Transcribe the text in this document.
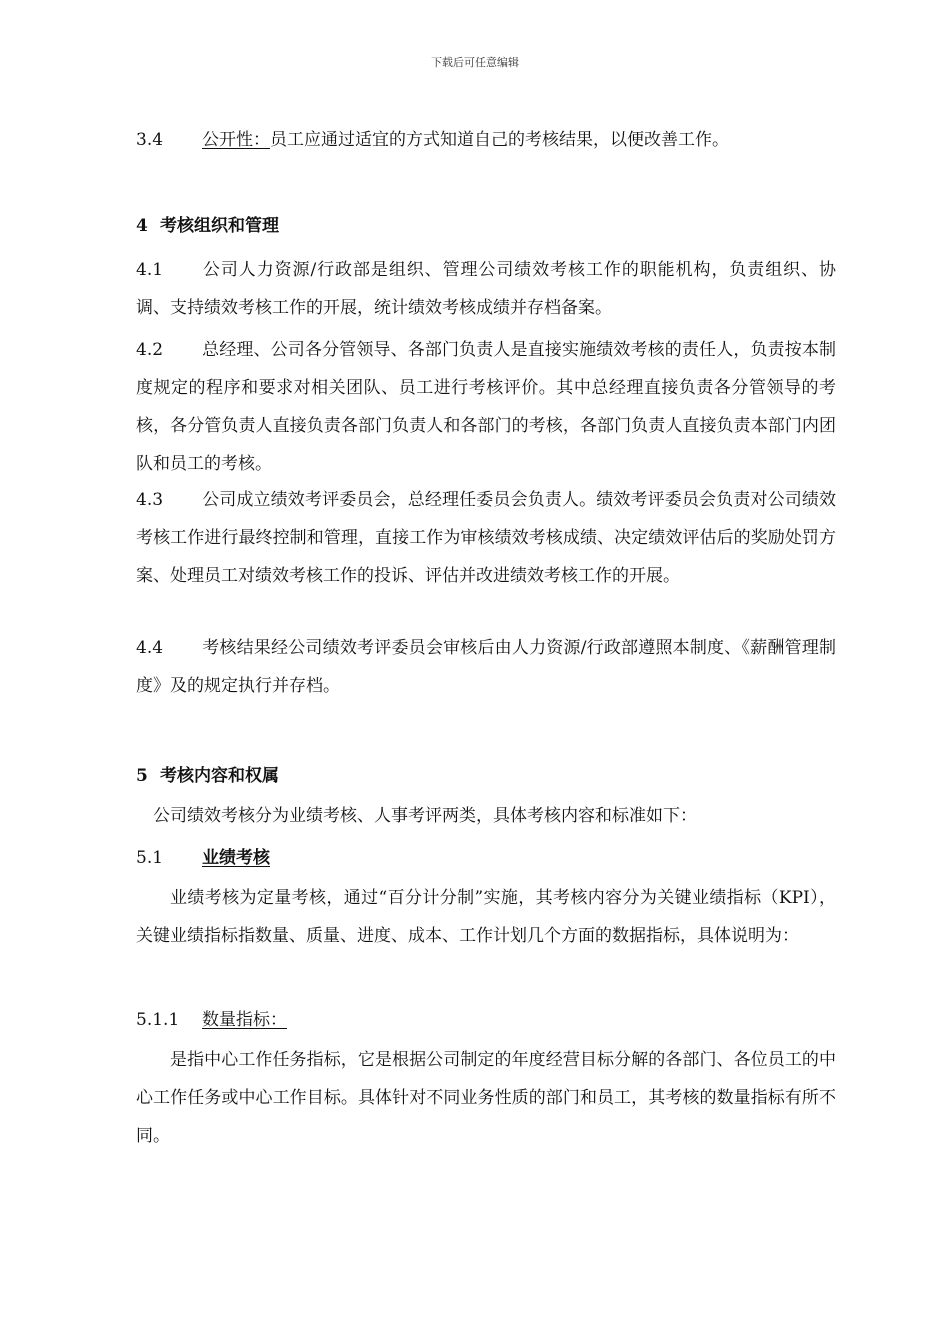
下载后可任意编辑

3.4 公开性：员工应通过适宜的方式知道自己的考核结果，以便改善工作。

4 考核组织和管理

4.1 公司人力资源/行政部是组织、管理公司绩效考核工作的职能机构，负责组织、协调、支持绩效考核工作的开展，统计绩效考核成绩并存档备案。

4.2 总经理、公司各分管领导、各部门负责人是直接实施绩效考核的责任人，负责按本制度规定的程序和要求对相关团队、员工进行考核评价。其中总经理直接负责各分管领导的考核，各分管负责人直接负责各部门负责人和各部门的考核，各部门负责人直接负责本部门内团队和员工的考核。

4.3 公司成立绩效考评委员会，总经理任委员会负责人。绩效考评委员会负责对公司绩效考核工作进行最终控制和管理，直接工作为审核绩效考核成绩、决定绩效评估后的奖励处罚方案、处理员工对绩效考核工作的投诉、评估并改进绩效考核工作的开展。

4.4 考核结果经公司绩效考评委员会审核后由人力资源/行政部遵照本制度、《薪酬管理制度》及的规定执行并存档。

5 考核内容和权属

公司绩效考核分为业绩考核、人事考评两类，具体考核内容和标准如下：

5.1 业绩考核

业绩考核为定量考核，通过“百分计分制”实施，其考核内容分为关键业绩指标（KPI），关键业绩指标指数量、质量、进度、成本、工作计划几个方面的数据指标，具体说明为：

5.1.1 数量指标：

是指中心工作任务指标，它是根据公司制定的年度经营目标分解的各部门、各位员工的中心工作任务或中心工作目标。具体针对不同业务性质的部门和员工，其考核的数量指标有所不同。
